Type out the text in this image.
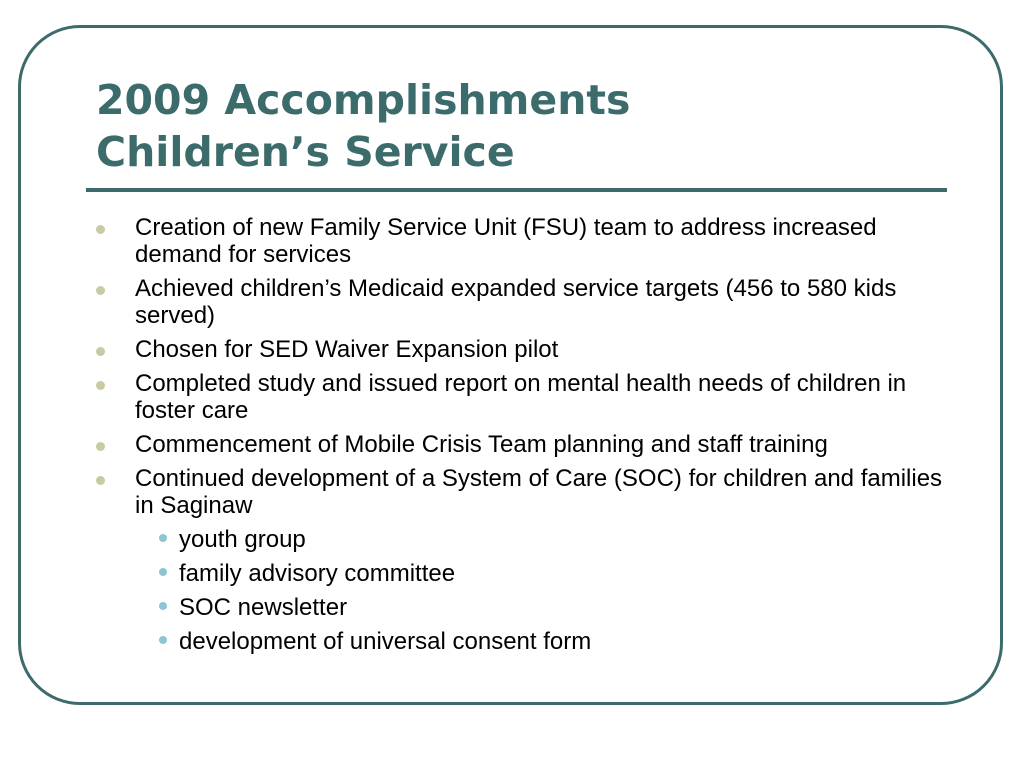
2009 Accomplishments
Children’s Service
Creation of new Family Service Unit (FSU) team to address increased demand for services
Achieved children’s Medicaid expanded service targets (456 to 580 kids served)
Chosen for SED Waiver Expansion pilot
Completed study and issued report on mental health needs of children in foster care
Commencement of Mobile Crisis Team planning and staff training
Continued development of a System of Care (SOC) for children and families in Saginaw
youth group
family advisory committee
SOC newsletter
development of universal consent form
